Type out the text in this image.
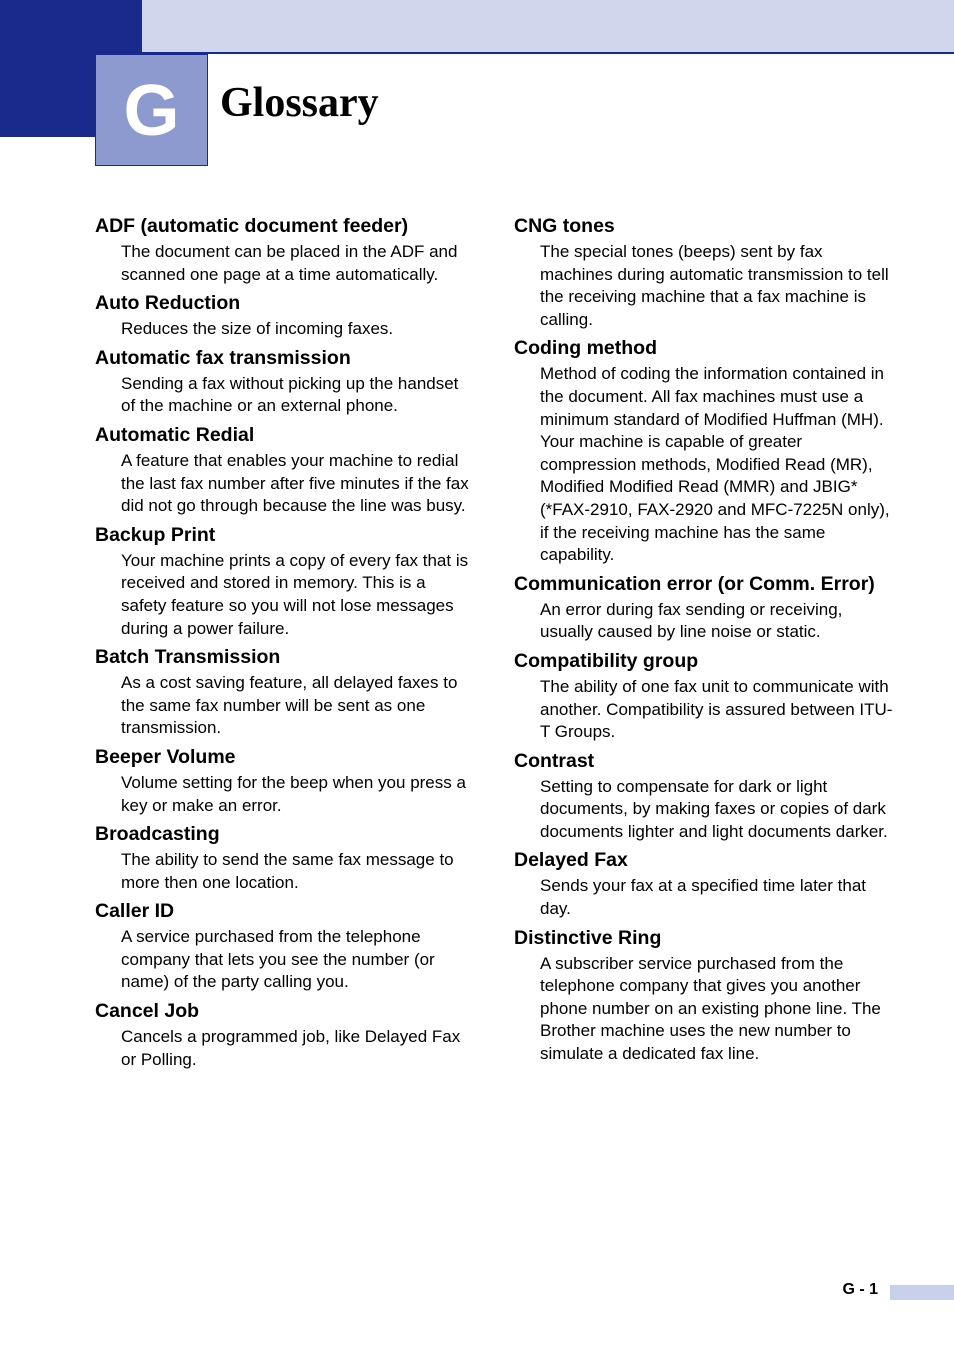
G Glossary

ADF (automatic document feeder)

The document can be placed in the ADF and scanned one page at a time automatically.

Auto Reduction

Reduces the size of incoming faxes.

Automatic fax transmission

Sending a fax without picking up the handset of the machine or an external phone.

Automatic Redial

A feature that enables your machine to redial the last fax number after five minutes if the fax did not go through because the line was busy.

Backup Print

Your machine prints a copy of every fax that is received and stored in memory. This is a safety feature so you will not lose messages during a power failure.

Batch Transmission

As a cost saving feature, all delayed faxes to the same fax number will be sent as one transmission.

Beeper Volume

Volume setting for the beep when you press a key or make an error.

Broadcasting

The ability to send the same fax message to more then one location.

Caller ID

A service purchased from the telephone company that lets you see the number (or name) of the party calling you.

Cancel Job

Cancels a programmed job, like Delayed Fax or Polling.

CNG tones

The special tones (beeps) sent by fax machines during automatic transmission to tell the receiving machine that a fax machine is calling.

Coding method

Method of coding the information contained in the document. All fax machines must use a minimum standard of Modified Huffman (MH). Your machine is capable of greater compression methods, Modified Read (MR), Modified Modified Read (MMR) and JBIG* (*FAX-2910, FAX-2920 and MFC-7225N only), if the receiving machine has the same capability.

Communication error (or Comm. Error)

An error during fax sending or receiving, usually caused by line noise or static.

Compatibility group

The ability of one fax unit to communicate with another. Compatibility is assured between ITU-T Groups.

Contrast

Setting to compensate for dark or light documents, by making faxes or copies of dark documents lighter and light documents darker.

Delayed Fax

Sends your fax at a specified time later that day.

Distinctive Ring

A subscriber service purchased from the telephone company that gives you another phone number on an existing phone line. The Brother machine uses the new number to simulate a dedicated fax line.

G - 1
